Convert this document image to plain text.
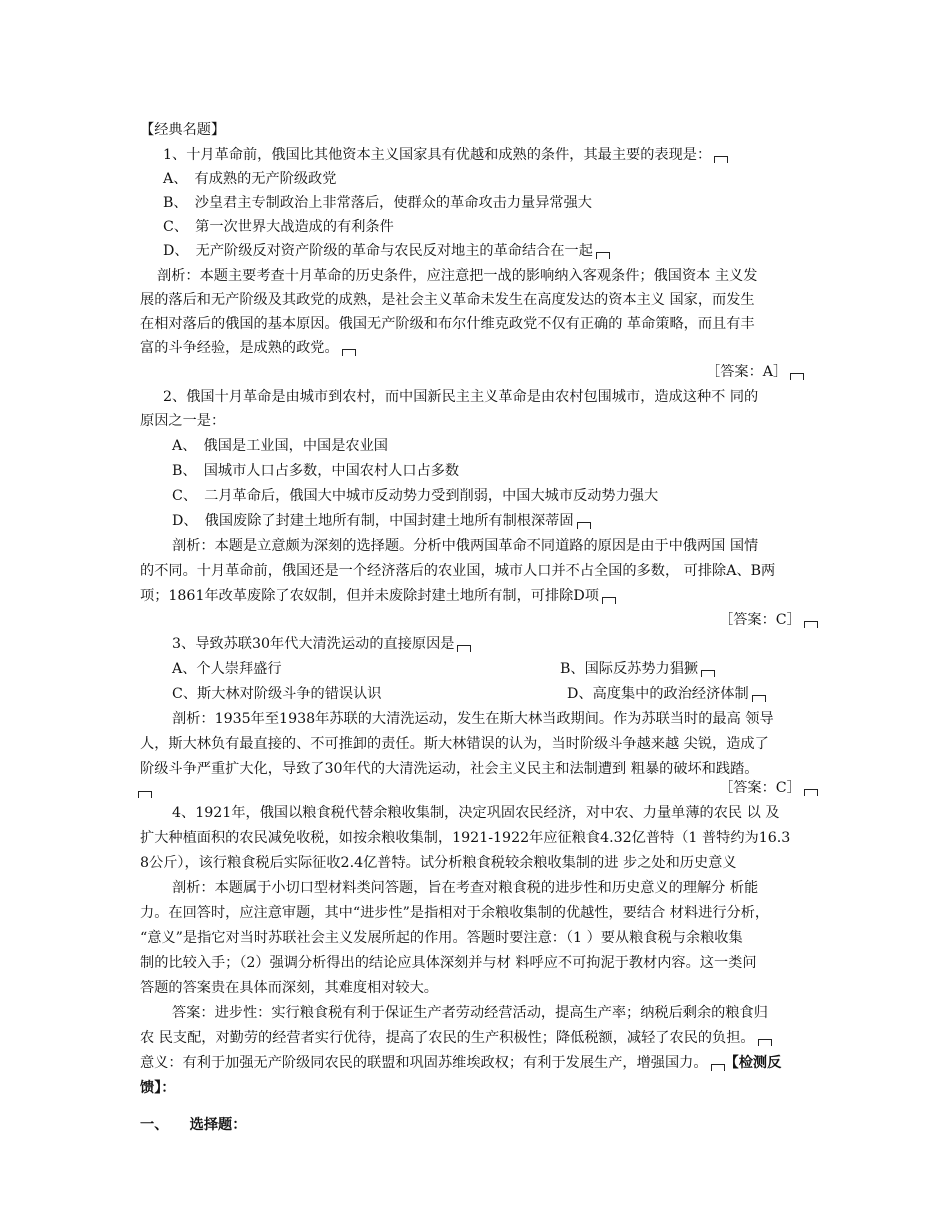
【经典名题】
1、十月革命前，俄国比其他资本主义国家具有优越和成熟的条件，其最主要的表现是：
A、　有成熟的无产阶级政党
B、　沙皇君主专制政治上非常落后，使群众的革命攻击力量异常强大
C、　第一次世界大战造成的有利条件
D、　无产阶级反对资产阶级的革命与农民反对地主的革命结合在一起
剖析：本题主要考查十月革命的历史条件，应注意把一战的影响纳入客观条件；俄国资本 主义发
展的落后和无产阶级及其政党的成熟，是社会主义革命未发生在高度发达的资本主义 国家，而发生
在相对落后的俄国的基本原因。俄国无产阶级和布尔什维克政党不仅有正确的 革命策略，而且有丰
富的斗争经验，是成熟的政党。
［答案：A］
2、俄国十月革命是由城市到农村，而中国新民主主义革命是由农村包围城市，造成这种不 同的
原因之一是：
A、　俄国是工业国，中国是农业国
B、　国城市人口占多数，中国农村人口占多数
C、　二月革命后，俄国大中城市反动势力受到削弱，中国大城市反动势力强大
D、　俄国废除了封建土地所有制，中国封建土地所有制根深蒂固
剖析：本题是立意颇为深刻的选择题。分析中俄两国革命不同道路的原因是由于中俄两国 国情
的不同。十月革命前，俄国还是一个经济落后的农业国，城市人口并不占全国的多数， 可排除A、B两
项；1861年改革废除了农奴制，但并未废除封建土地所有制，可排除D项
［答案：C］
3、导致苏联30年代大清洗运动的直接原因是
A、个人崇拜盛行	B、国际反苏势力猖獗
C、斯大林对阶级斗争的错误认识	D、高度集中的政治经济体制
剖析：1935年至1938年苏联的大清洗运动，发生在斯大林当政期间。作为苏联当时的最高 领导
人，斯大林负有最直接的、不可推卸的责任。斯大林错误的认为，当时阶级斗争越来越 尖锐，造成了
阶级斗争严重扩大化，导致了30年代的大清洗运动，社会主义民主和法制遭到 粗暴的破坏和践踏。
［答案：C］
4、1921年，俄国以粮食税代替余粮收集制，决定巩固农民经济，对中农、力量单薄的农民 以 及
扩大种植面积的农民减免收税，如按余粮收集制，1921-1922年应征粮食4.32亿普特（1 普特约为16.3
8公斤），该行粮食税后实际征收2.4亿普特。试分析粮食税较余粮收集制的进 步之处和历史意义
剖析：本题属于小切口型材料类问答题，旨在考查对粮食税的进步性和历史意义的理解分 析能
力。在回答时，应注意审题，其中“进步性”是指相对于余粮收集制的优越性，要结合 材料进行分析，
“意义”是指它对当时苏联社会主义发展所起的作用。答题时要注意：（1 ）要从粮食税与余粮收集
制的比较入手；（2）强调分析得出的结论应具体深刻并与材 料呼应不可拘泥于教材内容。这一类问
答题的答案贵在具体而深刻，其难度相对较大。
答案：进步性：实行粮食税有利于保证生产者劳动经营活动，提高生产率；纳税后剩余的粮食归
农 民支配，对勤劳的经营者实行优待，提高了农民的生产积极性；降低税额，减轻了农民的负担。
意义：有利于加强无产阶级同农民的联盟和巩固苏维埃政权；有利于发展生产，增强国力。 【检测反
馈】：
一、　　选择题：
